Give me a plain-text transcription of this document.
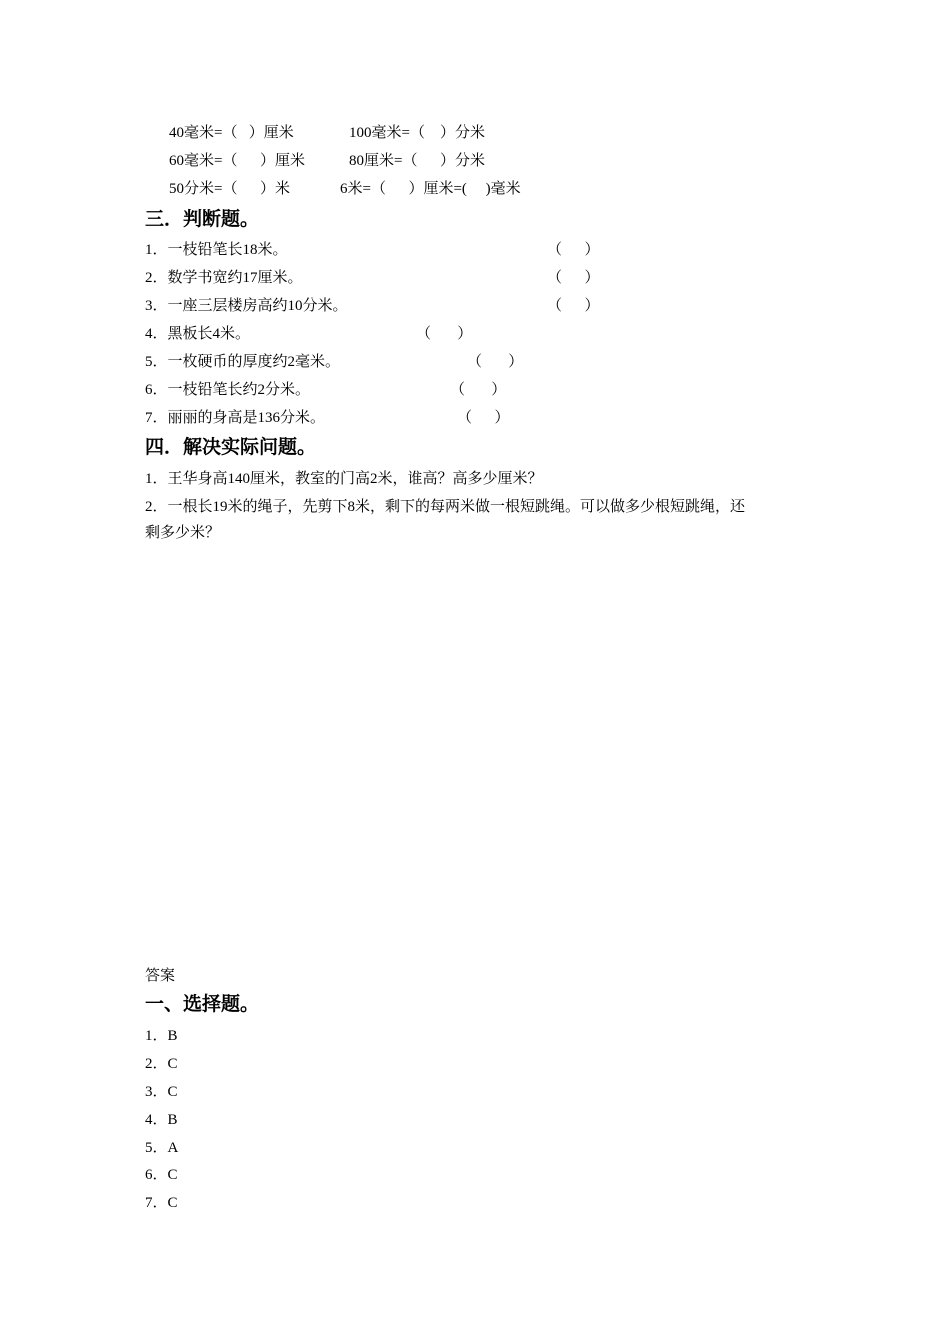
40毫米=（   ）厘米	100毫米=（    ）分米
60毫米=（      ）厘米	80厘米=（      ）分米
50分米=（      ）米	6米=（      ）厘米=(     )毫米
三．判断题。
1．一枝铅笔长18米。	（      ）
2．数学书宽约17厘米。	（      ）
3．一座三层楼房高约10分米。	（      ）
4．黑板长4米。	（       ）
5．一枚硬币的厚度约2毫米。	（       ）
6．一枝铅笔长约2分米。	（       ）
7．丽丽的身高是136分米。	（      ）
四．解决实际问题。
1．王华身高140厘米，教室的门高2米，谁高？高多少厘米？
2．一根长19米的绳子，先剪下8米，剩下的每两米做一根短跳绳。可以做多少根短跳绳，还
剩多少米？
答案
一、选择题。
1．B
2．C
3．C
4．B
5．A
6．C
7．C
